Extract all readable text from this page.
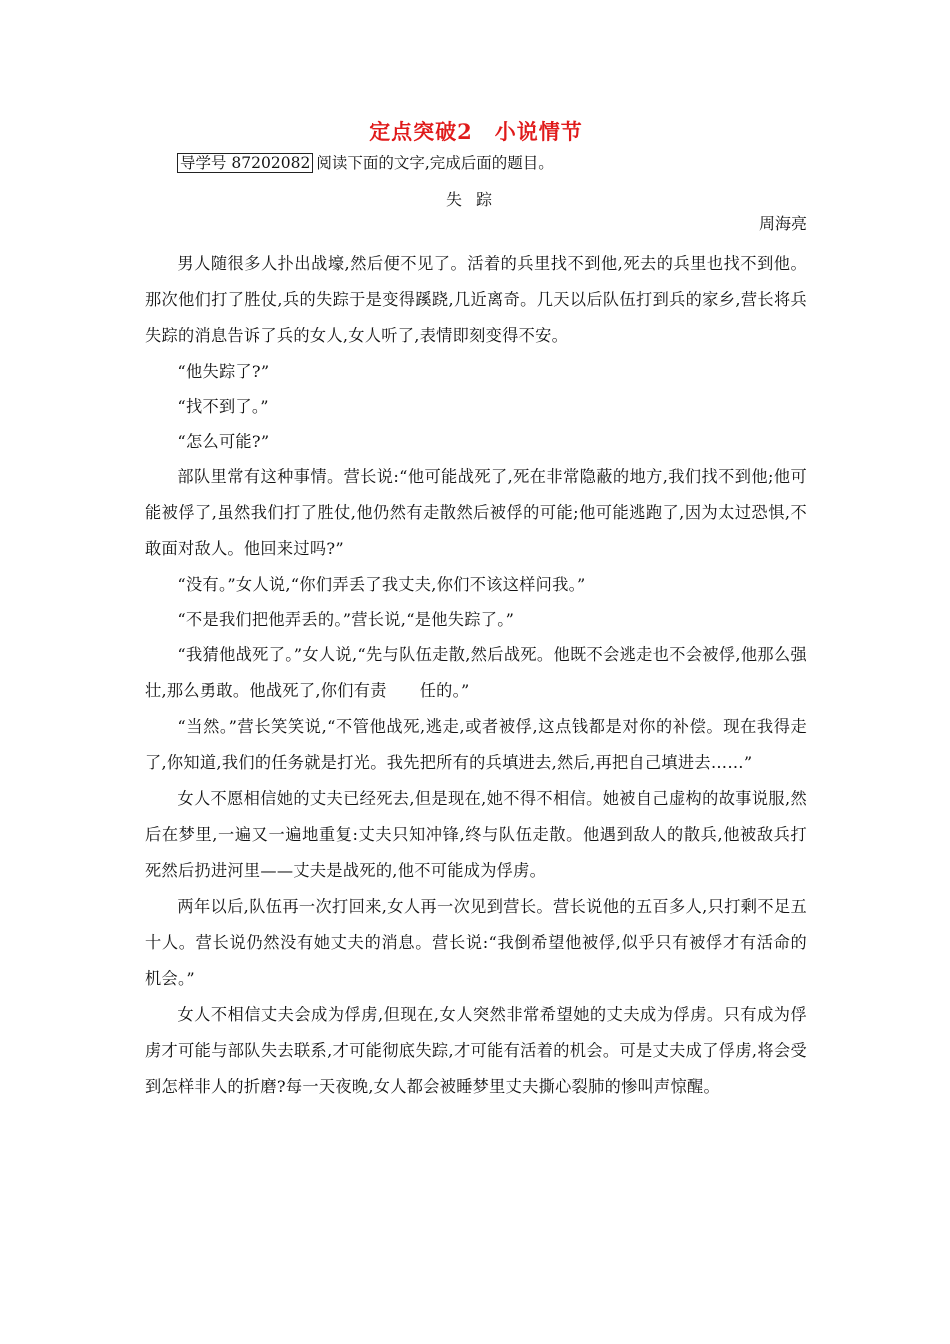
定点突破2　小说情节
导学号 87202082 阅读下面的文字,完成后面的题目。
失踪
周海亮

男人随很多人扑出战壕,然后便不见了。活着的兵里找不到他,死去的兵里也找不到他。那次他们打了胜仗,兵的失踪于是变得蹊跷,几近离奇。几天以后队伍打到兵的家乡,营长将兵失踪的消息告诉了兵的女人,女人听了,表情即刻变得不安。

“他失踪了?”

“找不到了。”

“怎么可能?”

部队里常有这种事情。营长说:“他可能战死了,死在非常隐蔽的地方,我们找不到他;他可能被俘了,虽然我们打了胜仗,他仍然有走散然后被俘的可能;他可能逃跑了,因为太过恐惧,不敢面对敌人。他回来过吗?”

“没有。”女人说,“你们弄丢了我丈夫,你们不该这样问我。”

“不是我们把他弄丢的。”营长说,“是他失踪了。”

“我猜他战死了。”女人说,“先与队伍走散,然后战死。他既不会逃走也不会被俘,他那么强壮,那么勇敢。他战死了,你们有责　　任的。”

“当然。”营长笑笑说,“不管他战死,逃走,或者被俘,这点钱都是对你的补偿。现在我得走了,你知道,我们的任务就是打光。我先把所有的兵填进去,然后,再把自己填进去……”

女人不愿相信她的丈夫已经死去,但是现在,她不得不相信。她被自己虚构的故事说服,然后在梦里,一遍又一遍地重复:丈夫只知冲锋,终与队伍走散。他遇到敌人的散兵,他被敌兵打死然后扔进河里——丈夫是战死的,他不可能成为俘虏。

两年以后,队伍再一次打回来,女人再一次见到营长。营长说他的五百多人,只打剩不足五十人。营长说仍然没有她丈夫的消息。营长说:“我倒希望他被俘,似乎只有被俘才有活命的机会。”

女人不相信丈夫会成为俘虏,但现在,女人突然非常希望她的丈夫成为俘虏。只有成为俘虏才可能与部队失去联系,才可能彻底失踪,才可能有活着的机会。可是丈夫成了俘虏,将会受到怎样非人的折磨?每一天夜晚,女人都会被睡梦里丈夫撕心裂肺的惨叫声惊醒。
